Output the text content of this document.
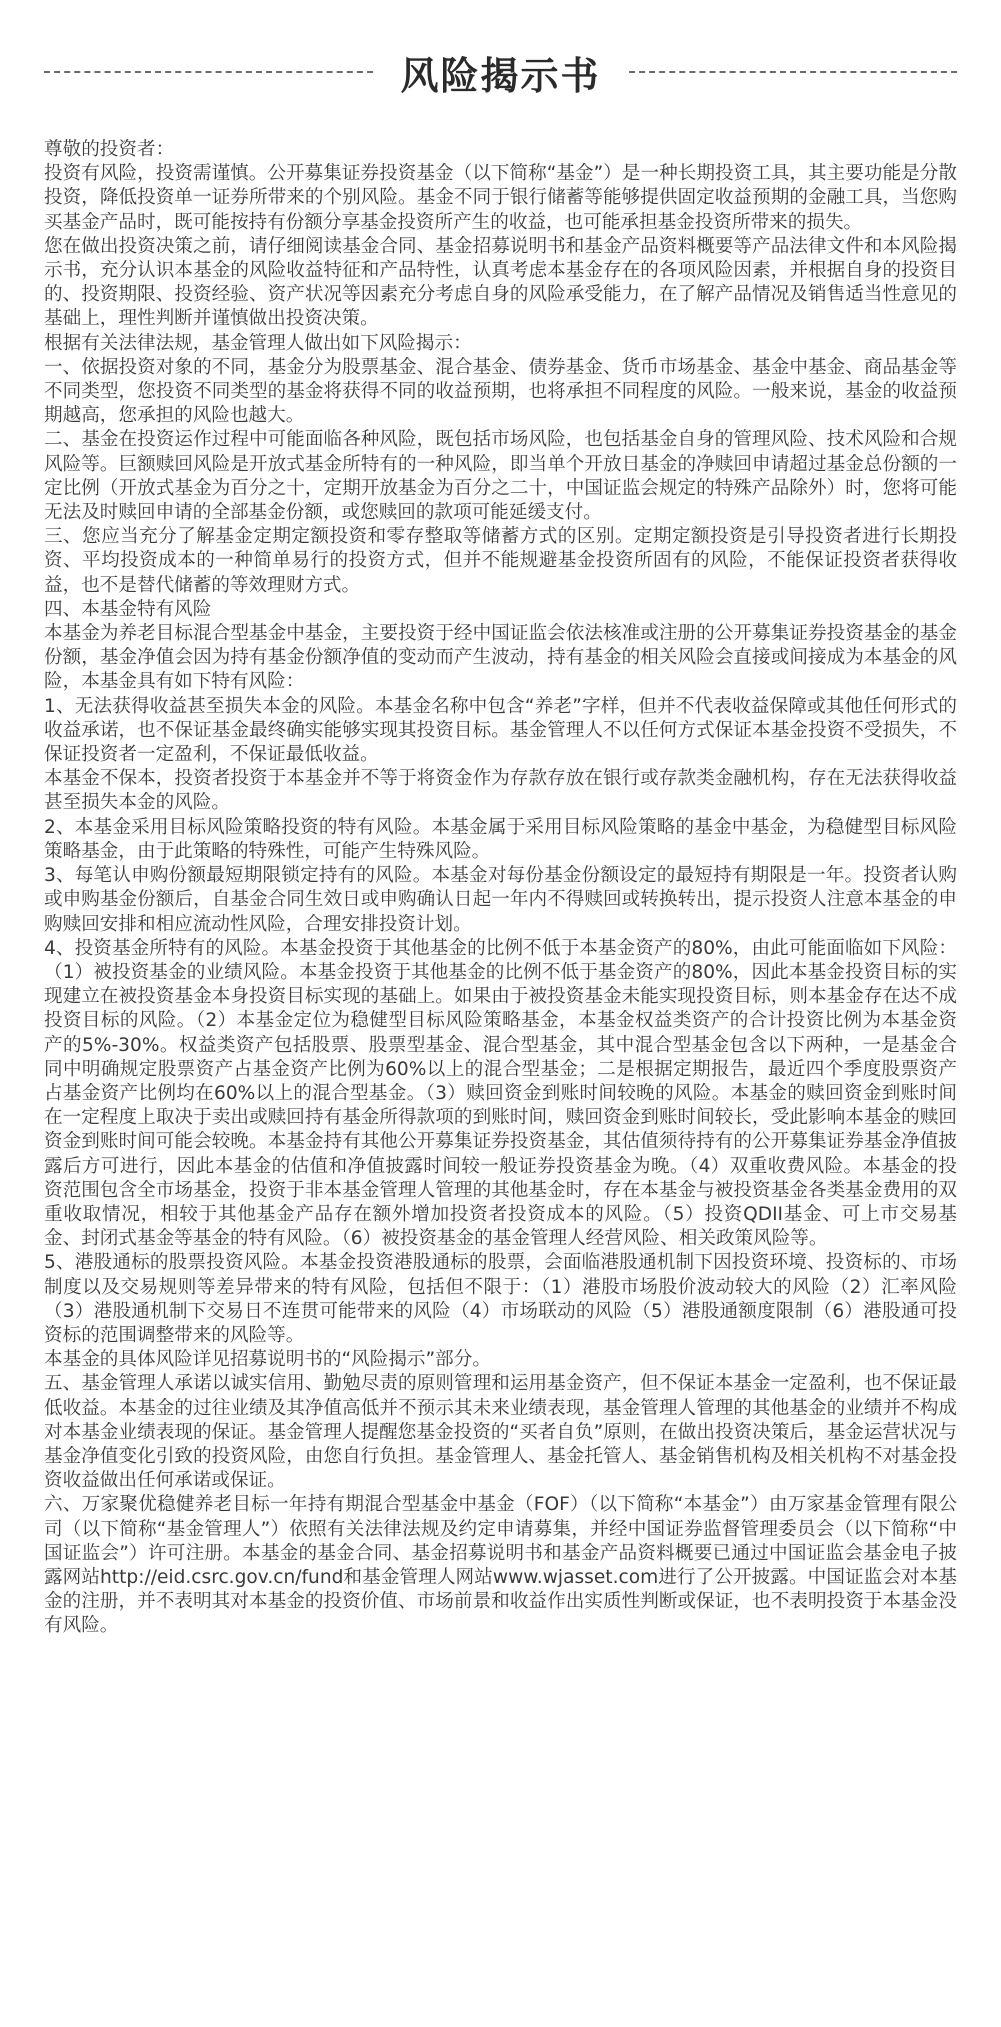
风险揭示书

尊敬的投资者：

投资有风险，投资需谨慎。公开募集证券投资基金（以下简称“基金”）是一种长期投资工具，其主要功能是分散投资，降低投资单一证券所带来的个别风险。基金不同于银行储蓄等能够提供固定收益预期的金融工具，当您购买基金产品时，既可能按持有份额分享基金投资所产生的收益，也可能承担基金投资所带来的损失。

您在做出投资决策之前，请仔细阅读基金合同、基金招募说明书和基金产品资料概要等产品法律文件和本风险揭示书，充分认识本基金的风险收益特征和产品特性，认真考虑本基金存在的各项风险因素，并根据自身的投资目的、投资期限、投资经验、资产状况等因素充分考虑自身的风险承受能力，在了解产品情况及销售适当性意见的基础上，理性判断并谨慎做出投资决策。

根据有关法律法规，基金管理人做出如下风险揭示：

一、依据投资对象的不同，基金分为股票基金、混合基金、债券基金、货币市场基金、基金中基金、商品基金等不同类型，您投资不同类型的基金将获得不同的收益预期，也将承担不同程度的风险。一般来说，基金的收益预期越高，您承担的风险也越大。

二、基金在投资运作过程中可能面临各种风险，既包括市场风险，也包括基金自身的管理风险、技术风险和合规风险等。巨额赎回风险是开放式基金所特有的一种风险，即当单个开放日基金的净赎回申请超过基金总份额的一定比例（开放式基金为百分之十，定期开放基金为百分之二十，中国证监会规定的特殊产品除外）时，您将可能无法及时赎回申请的全部基金份额，或您赎回的款项可能延缓支付。

三、您应当充分了解基金定期定额投资和零存整取等储蓄方式的区别。定期定额投资是引导投资者进行长期投资、平均投资成本的一种简单易行的投资方式，但并不能规避基金投资所固有的风险，不能保证投资者获得收益，也不是替代储蓄的等效理财方式。

四、本基金特有风险

本基金为养老目标混合型基金中基金，主要投资于经中国证监会依法核准或注册的公开募集证券投资基金的基金份额，基金净值会因为持有基金份额净值的变动而产生波动，持有基金的相关风险会直接或间接成为本基金的风险，本基金具有如下特有风险：

1、无法获得收益甚至损失本金的风险。本基金名称中包含“养老”字样，但并不代表收益保障或其他任何形式的收益承诺，也不保证基金最终确实能够实现其投资目标。基金管理人不以任何方式保证本基金投资不受损失，不保证投资者一定盈利，不保证最低收益。

本基金不保本，投资者投资于本基金并不等于将资金作为存款存放在银行或存款类金融机构，存在无法获得收益甚至损失本金的风险。

2、本基金采用目标风险策略投资的特有风险。本基金属于采用目标风险策略的基金中基金，为稳健型目标风险策略基金，由于此策略的特殊性，可能产生特殊风险。

3、每笔认申购份额最短期限锁定持有的风险。本基金对每份基金份额设定的最短持有期限是一年。投资者认购或申购基金份额后，自基金合同生效日或申购确认日起一年内不得赎回或转换转出，提示投资人注意本基金的申购赎回安排和相应流动性风险，合理安排投资计划。

4、投资基金所特有的风险。本基金投资于其他基金的比例不低于本基金资产的80%，由此可能面临如下风险：（1）被投资基金的业绩风险。本基金投资于其他基金的比例不低于基金资产的80%，因此本基金投资目标的实现建立在被投资基金本身投资目标实现的基础上。如果由于被投资基金未能实现投资目标，则本基金存在达不成投资目标的风险。（2）本基金定位为稳健型目标风险策略基金，本基金权益类资产的合计投资比例为本基金资产的5%-30%。权益类资产包括股票、股票型基金、混合型基金，其中混合型基金包含以下两种，一是基金合同中明确规定股票资产占基金资产比例为60%以上的混合型基金；二是根据定期报告，最近四个季度股票资产占基金资产比例均在60%以上的混合型基金。（3）赎回资金到账时间较晚的风险。本基金的赎回资金到账时间在一定程度上取决于卖出或赎回持有基金所得款项的到账时间，赎回资金到账时间较长，受此影响本基金的赎回资金到账时间可能会较晚。本基金持有其他公开募集证券投资基金，其估值须待持有的公开募集证券基金净值披露后方可进行，因此本基金的估值和净值披露时间较一般证券投资基金为晚。（4）双重收费风险。本基金的投资范围包含全市场基金，投资于非本基金管理人管理的其他基金时，存在本基金与被投资基金各类基金费用的双重收取情况，相较于其他基金产品存在额外增加投资者投资成本的风险。（5）投资QDII基金、可上市交易基金、封闭式基金等基金的特有风险。（6）被投资基金的基金管理人经营风险、相关政策风险等。

5、港股通标的股票投资风险。本基金投资港股通标的股票，会面临港股通机制下因投资环境、投资标的、市场制度以及交易规则等差异带来的特有风险，包括但不限于：（1）港股市场股价波动较大的风险（2）汇率风险（3）港股通机制下交易日不连贯可能带来的风险（4）市场联动的风险（5）港股通额度限制（6）港股通可投资标的范围调整带来的风险等。

本基金的具体风险详见招募说明书的“风险揭示”部分。

五、基金管理人承诺以诚实信用、勤勉尽责的原则管理和运用基金资产，但不保证本基金一定盈利，也不保证最低收益。本基金的过往业绩及其净值高低并不预示其未来业绩表现，基金管理人管理的其他基金的业绩并不构成对本基金业绩表现的保证。基金管理人提醒您基金投资的“买者自负”原则，在做出投资决策后，基金运营状况与基金净值变化引致的投资风险，由您自行负担。基金管理人、基金托管人、基金销售机构及相关机构不对基金投资收益做出任何承诺或保证。

六、万家聚优稳健养老目标一年持有期混合型基金中基金（FOF）（以下简称“本基金”）由万家基金管理有限公司（以下简称“基金管理人”）依照有关法律法规及约定申请募集，并经中国证券监督管理委员会（以下简称“中国证监会”）许可注册。本基金的基金合同、基金招募说明书和基金产品资料概要已通过中国证监会基金电子披露网站http://eid.csrc.gov.cn/fund和基金管理人网站www.wjasset.com进行了公开披露。中国证监会对本基金的注册，并不表明其对本基金的投资价值、市场前景和收益作出实质性判断或保证，也不表明投资于本基金没有风险。
